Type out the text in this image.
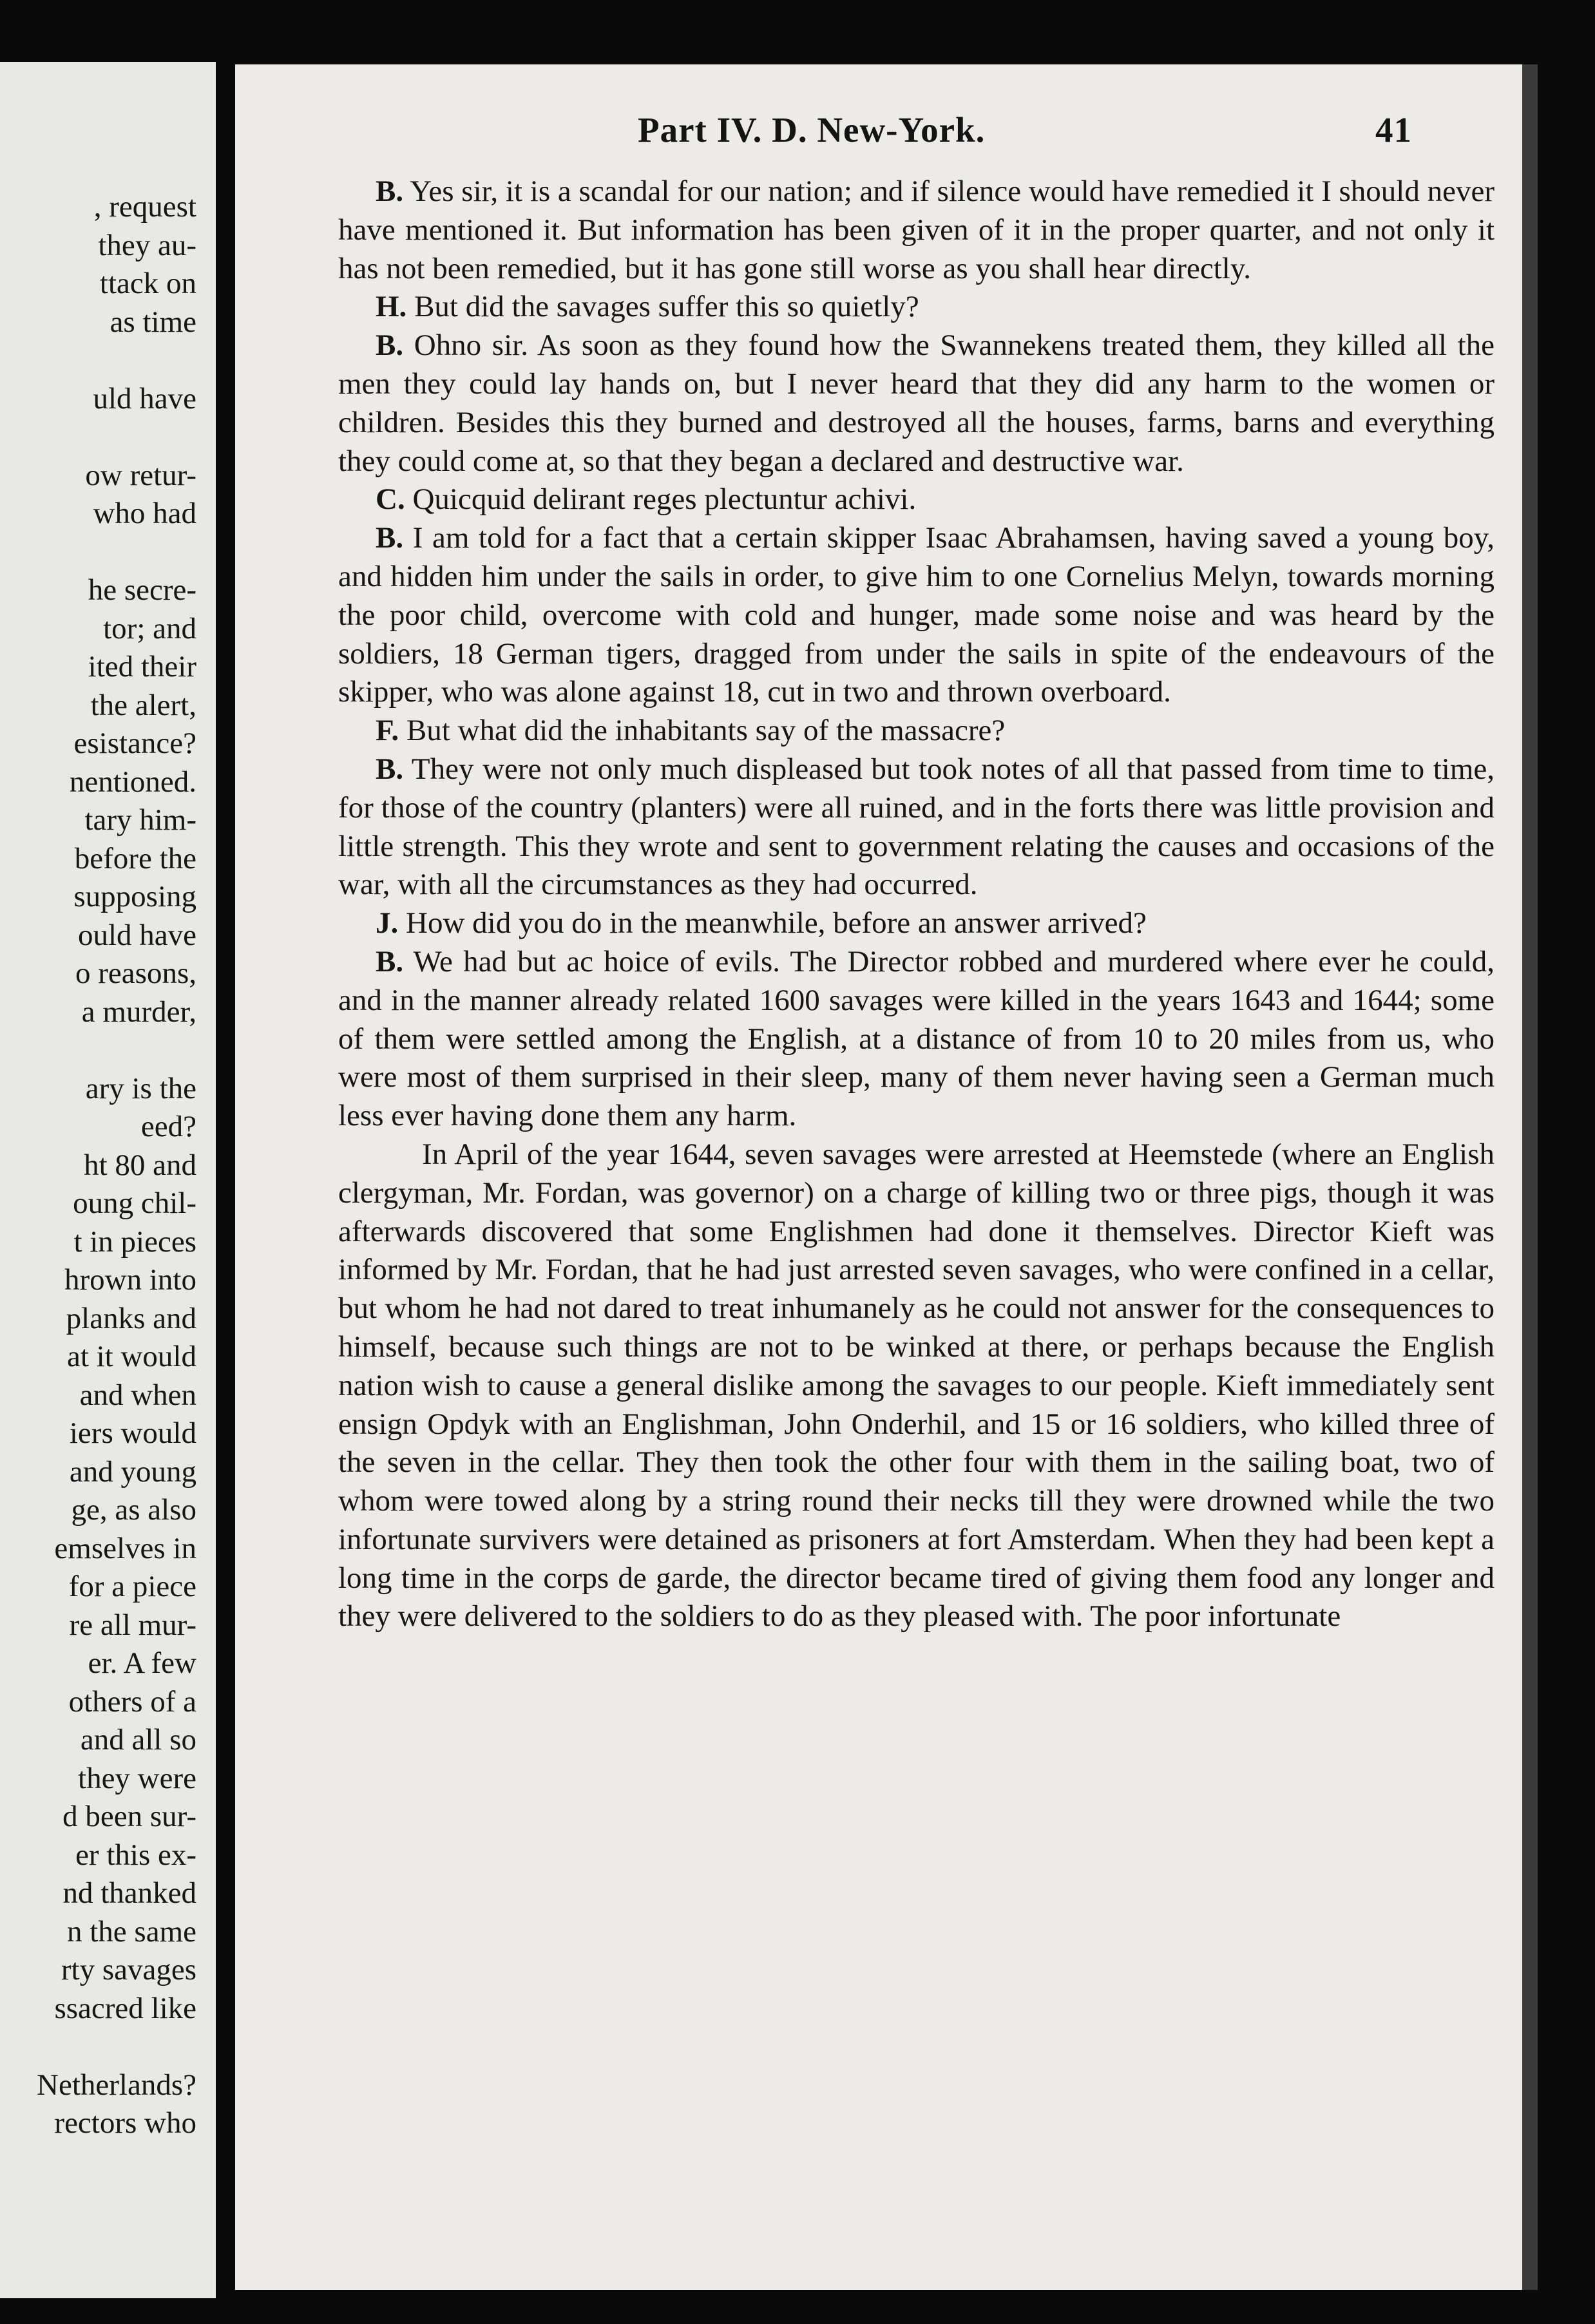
, request
they au-
ttack on
as time
uld have
ow retur-
who had
he secre-
tor; and
ited their
the alert,
esistance?
nentioned.
tary him-
before the
supposing
ould have
o reasons,
a murder,
ary is the
eed?
ht 80 and
oung chil-
t in pieces
hrown into
planks and
at it would
and when
iers would
and young
ge, as also
emselves in
for a piece
re all mur-
er. A few
others of a
and all so
they were
d been sur-
er this ex-
nd thanked
n the same
rty savages
ssacred like
Netherlands?
rectors who
Part IV. D. New-York.	41

B. Yes sir, it is a scandal for our nation; and if silence would have remedied it I should never have mentioned it. But information has been given of it in the proper quarter, and not only it has not been remedied, but it has gone still worse as you shall hear directly.

H. But did the savages suffer this so quietly?

B. Ohno sir. As soon as they found how the Swannekens treated them, they killed all the men they could lay hands on, but I never heard that they did any harm to the women or children. Besides this they burned and destroyed all the houses, farms, barns and everything they could come at, so that they began a declared and destructive war.

C. Quicquid delirant reges plectuntur achivi.

B. I am told for a fact that a certain skipper Isaac Abrahamsen, having saved a young boy, and hidden him under the sails in order, to give him to one Cornelius Melyn, towards morning the poor child, overcome with cold and hunger, made some noise and was heard by the soldiers, 18 German tigers, dragged from under the sails in spite of the endeavours of the skipper, who was alone against 18, cut in two and thrown overboard.

F. But what did the inhabitants say of the massacre?

B. They were not only much displeased but took notes of all that passed from time to time, for those of the country (planters) were all ruined, and in the forts there was little provision and little strength. This they wrote and sent to government relating the causes and occasions of the war, with all the circumstances as they had occurred.

J. How did you do in the meanwhile, before an answer arrived?

B. We had but ac hoice of evils. The Director robbed and murdered where ever he could, and in the manner already related 1600 savages were killed in the years 1643 and 1644; some of them were settled among the English, at a distance of from 10 to 20 miles from us, who were most of them surprised in their sleep, many of them never having seen a German much less ever having done them any harm.

In April of the year 1644, seven savages were arrested at Heemstede (where an English clergyman, Mr. Fordan, was governor) on a charge of killing two or three pigs, though it was afterwards discovered that some Englishmen had done it themselves. Director Kieft was informed by Mr. Fordan, that he had just arrested seven savages, who were confined in a cellar, but whom he had not dared to treat inhumanely as he could not answer for the consequences to himself, because such things are not to be winked at there, or perhaps because the English nation wish to cause a general dislike among the savages to our people. Kieft immediately sent ensign Opdyk with an Englishman, John Onderhil, and 15 or 16 soldiers, who killed three of the seven in the cellar. They then took the other four with them in the sailing boat, two of whom were towed along by a string round their necks till they were drowned while the two infortunate survivers were detained as prisoners at fort Amsterdam. When they had been kept a long time in the corps de garde, the director became tired of giving them food any longer and they were delivered to the soldiers to do as they pleased with. The poor infortunate
